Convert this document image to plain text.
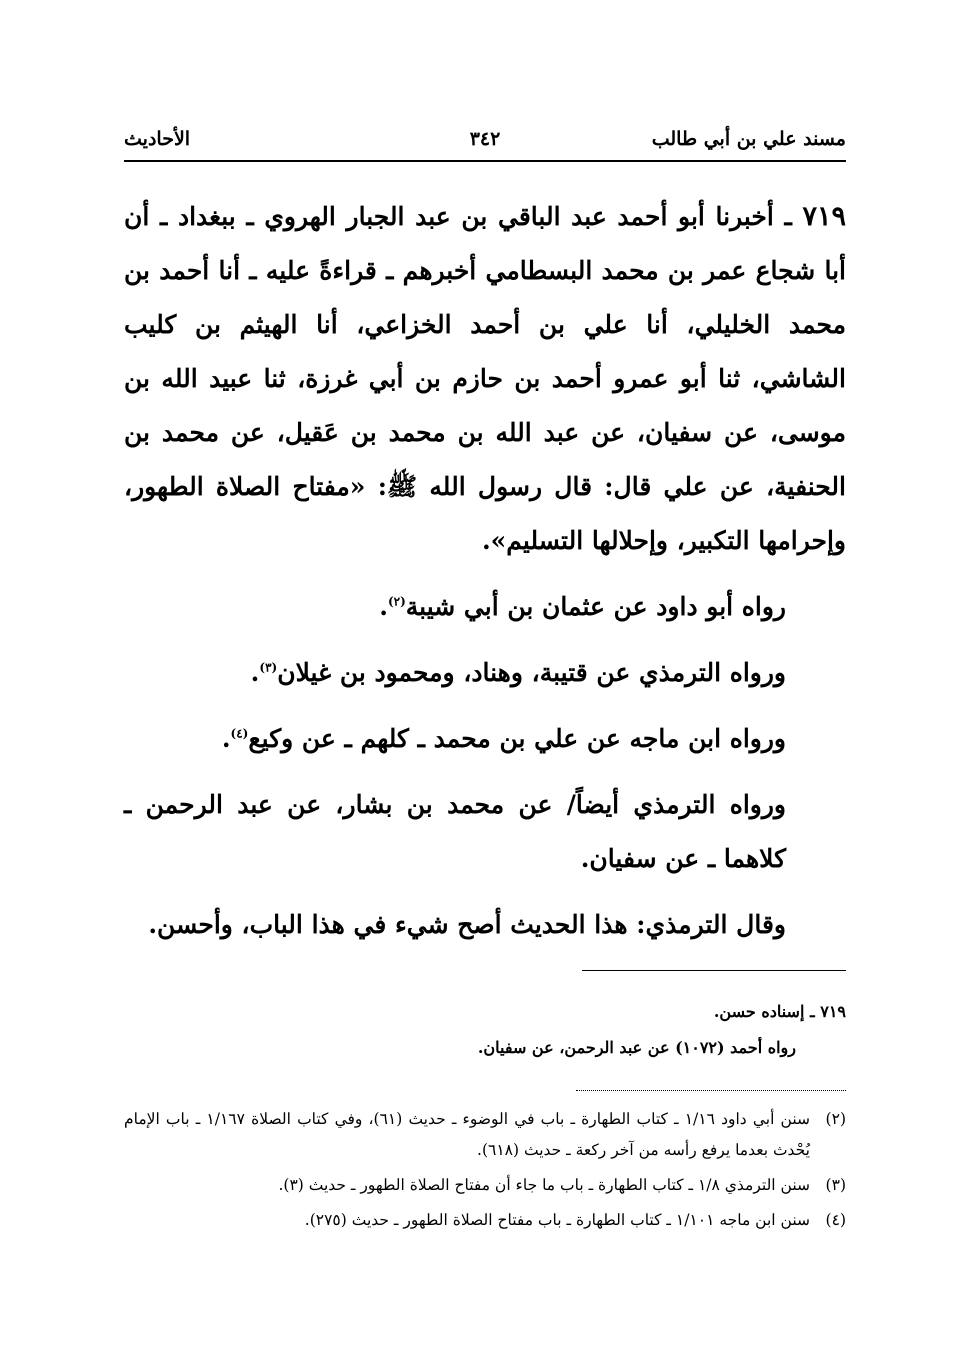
مسند علي بن أبي طالب
٣٤٢
الأحاديث

٧١٩ ـ أخبرنا أبو أحمد عبد الباقي بن عبد الجبار الهروي ـ ببغداد ـ أن أبا شجاع عمر بن محمد البسطامي أخبرهم ـ قراءةً عليه ـ أنا أحمد بن محمد الخليلي، أنا علي بن أحمد الخزاعي، أنا الهيثم بن كليب الشاشي، ثنا أبو عمرو أحمد بن حازم بن أبي غرزة، ثنا عبيد الله بن موسى، عن سفيان، عن عبد الله بن محمد بن عَقيل، عن محمد بن الحنفية، عن علي قال: قال رسول الله ﷺ: «مفتاح الصلاة الطهور، وإحرامها التكبير، وإحلالها التسليم».

رواه أبو داود عن عثمان بن أبي شيبة$^{(٢)}$.

ورواه الترمذي عن قتيبة، وهناد، ومحمود بن غيلان$^{(٣)}$.

ورواه ابن ماجه عن علي بن محمد ـ كلهم ـ عن وكيع$^{(٤)}$.

ورواه الترمذي أيضاً/ عن محمد بن بشار، عن عبد الرحمن ـ كلاهما ـ عن سفيان.

وقال الترمذي: هذا الحديث أصح شيء في هذا الباب، وأحسن.

٧١٩ ـ إسناده حسن.

رواه أحمد (١٠٧٢) عن عبد الرحمن، عن سفيان.

(٢)
سنن أبي داود ١/١٦ ـ كتاب الطهارة ـ باب في الوضوء ـ حديث (٦١)، وفي كتاب الصلاة ١/١٦٧ ـ باب الإمام يُحْدث بعدما يرفع رأسه من آخر ركعة ـ حديث (٦١٨).

(٣)
سنن الترمذي ١/٨ ـ كتاب الطهارة ـ باب ما جاء أن مفتاح الصلاة الطهور ـ حديث (٣).

(٤)
سنن ابن ماجه ١/١٠١ ـ كتاب الطهارة ـ باب مفتاح الصلاة الطهور ـ حديث (٢٧٥).
